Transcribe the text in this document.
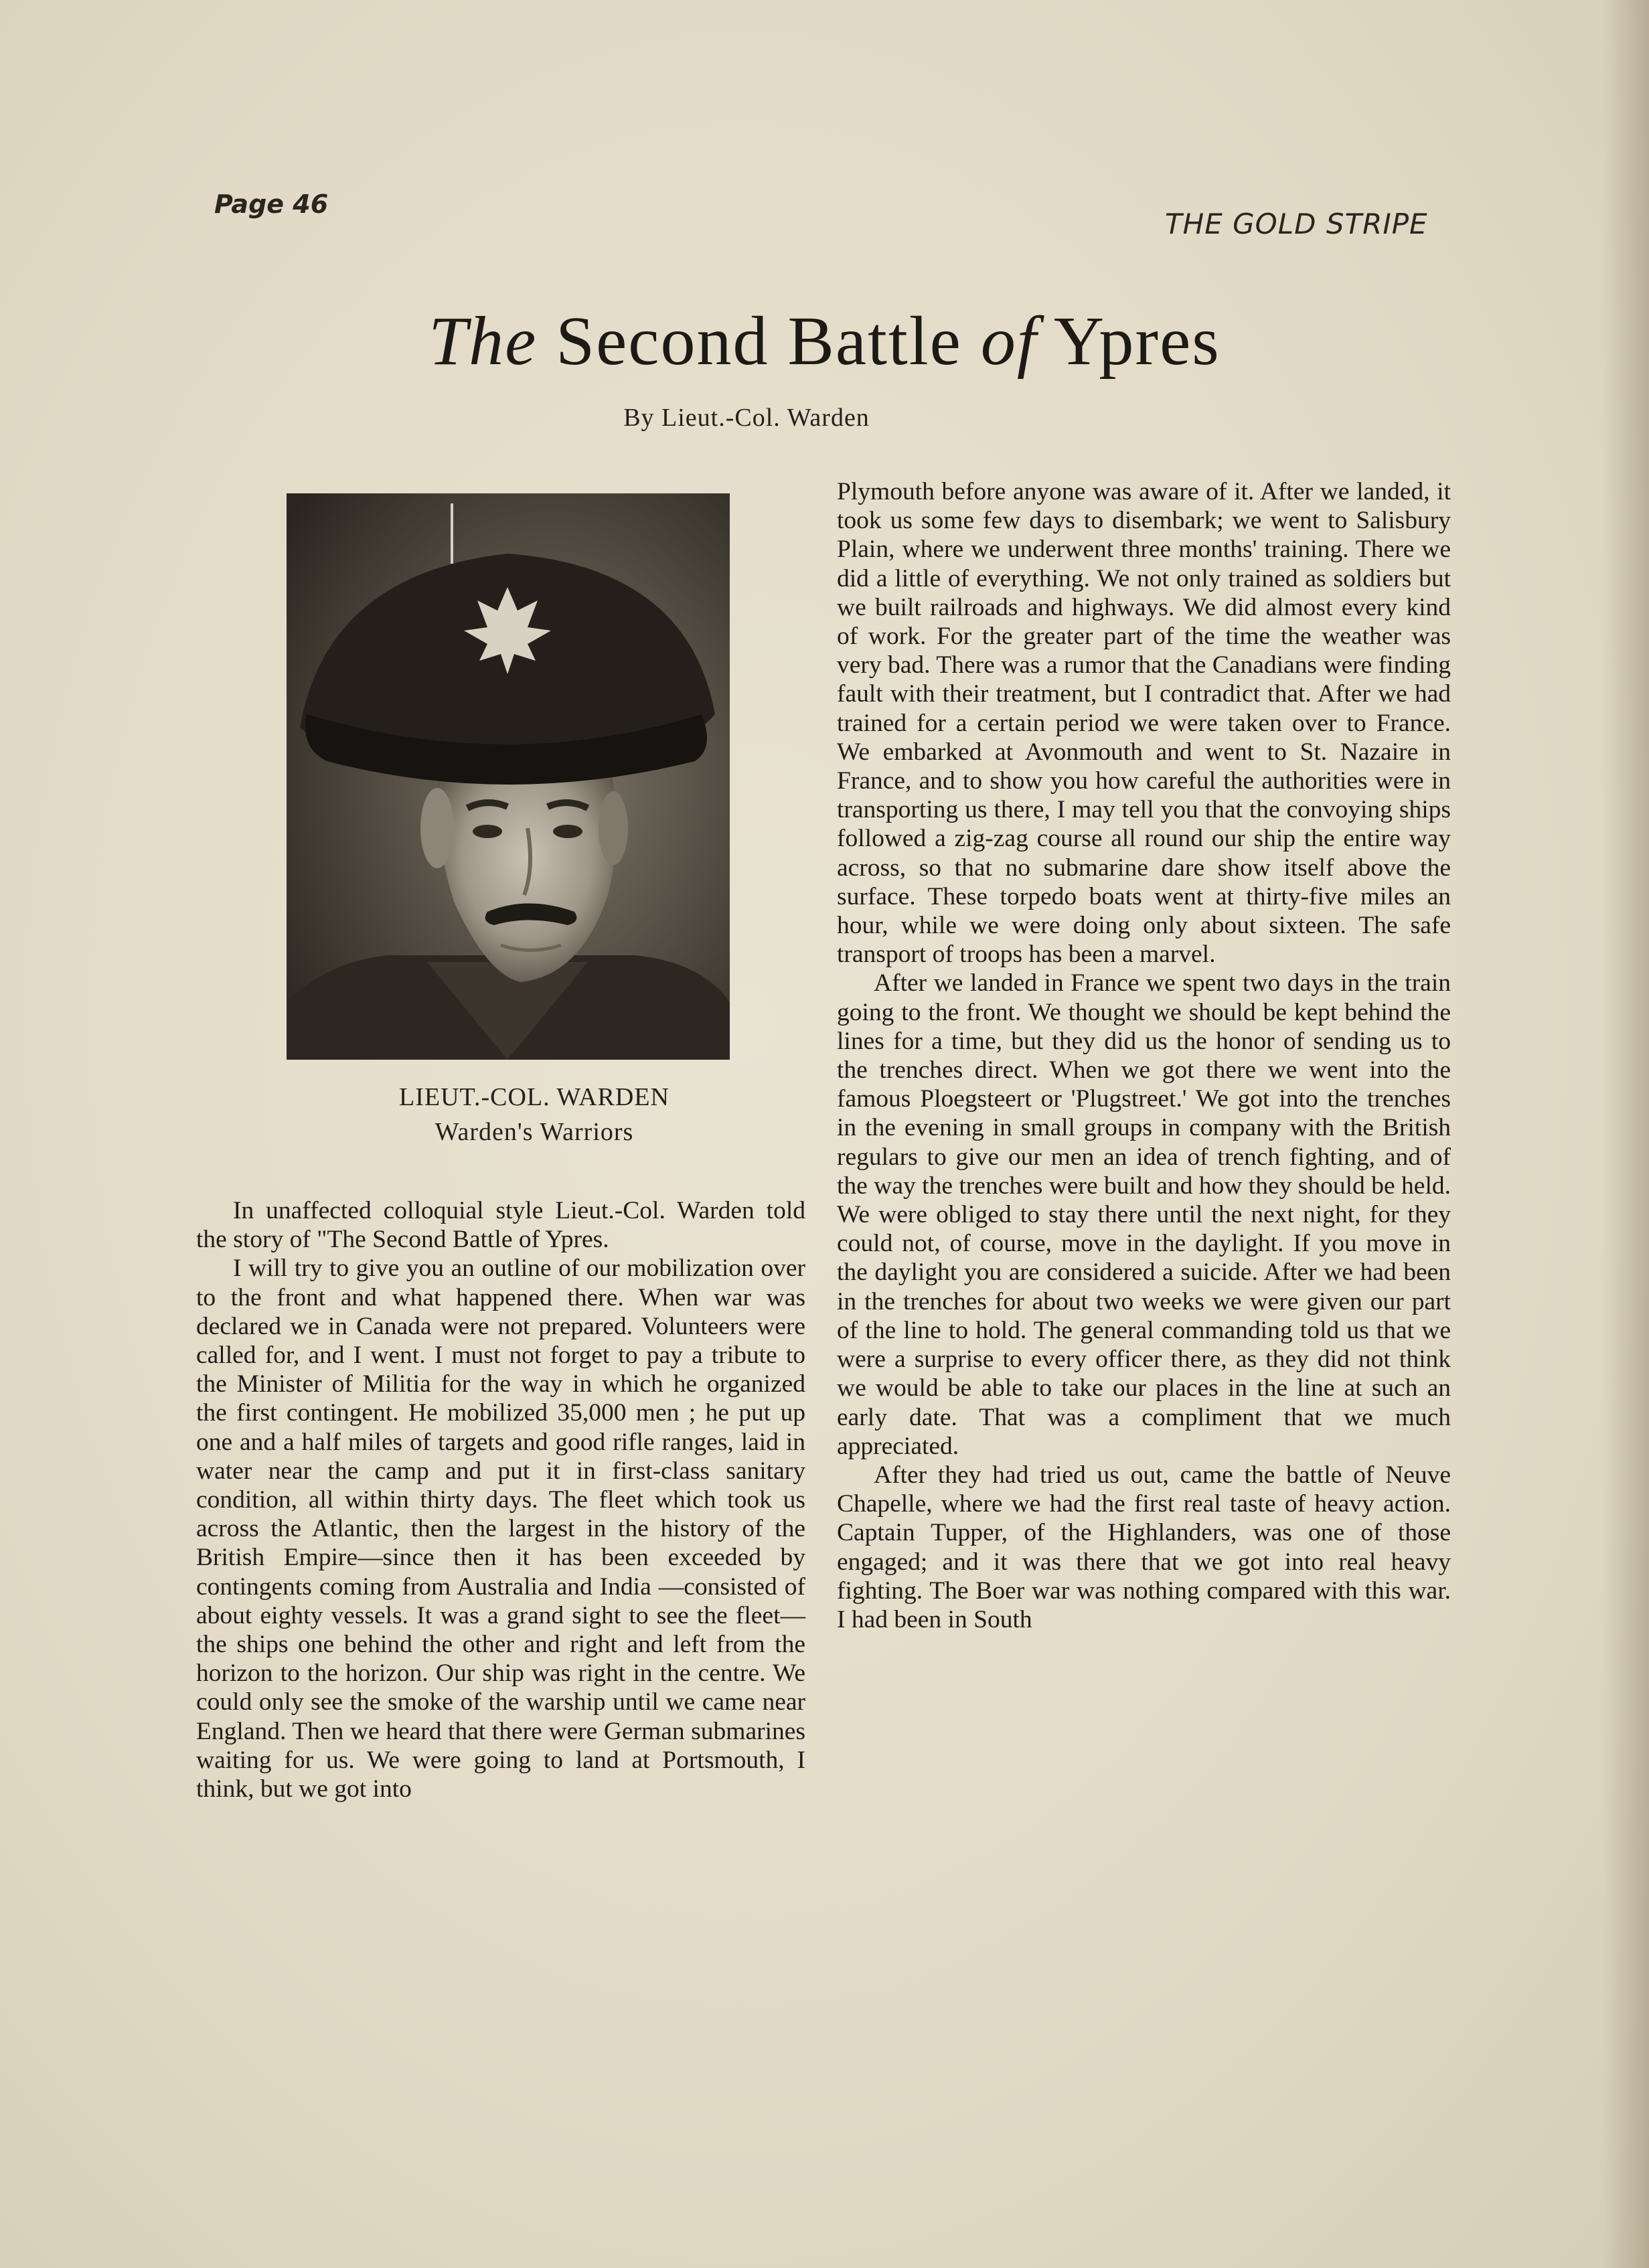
Page 46
THE GOLD STRIPE
The Second Battle of Ypres
By Lieut.-Col. Warden
LIEUT.-COL. WARDEN
Warden's Warriors

In unaffected colloquial style Lieut.-Col. Warden told the story of "The Second Battle of Ypres.

I will try to give you an outline of our mobilization over to the front and what happened there. When war was declared we in Canada were not prepared. Volunteers were called for, and I went. I must not forget to pay a tribute to the Minister of Militia for the way in which he organized the first contingent. He mobilized 35,000 men ; he put up one and a half miles of targets and good rifle ranges, laid in water near the camp and put it in first-class sanitary condition, all within thirty days. The fleet which took us across the Atlantic, then the largest in the history of the British Empire—since then it has been exceeded by contingents coming from Australia and India —consisted of about eighty vessels. It was a grand sight to see the fleet—the ships one behind the other and right and left from the horizon to the horizon. Our ship was right in the centre. We could only see the smoke of the warship until we came near England. Then we heard that there were German submarines waiting for us. We were going to land at Portsmouth, I think, but we got into

Plymouth before anyone was aware of it. After we landed, it took us some few days to disembark; we went to Salisbury Plain, where we underwent three months' training. There we did a little of everything. We not only trained as soldiers but we built railroads and highways. We did almost every kind of work. For the greater part of the time the weather was very bad. There was a rumor that the Canadians were finding fault with their treatment, but I contradict that. After we had trained for a certain period we were taken over to France. We embarked at Avonmouth and went to St. Nazaire in France, and to show you how careful the authorities were in transporting us there, I may tell you that the convoying ships followed a zig-zag course all round our ship the entire way across, so that no submarine dare show itself above the surface. These torpedo boats went at thirty-five miles an hour, while we were doing only about sixteen. The safe transport of troops has been a marvel.

After we landed in France we spent two days in the train going to the front. We thought we should be kept behind the lines for a time, but they did us the honor of sending us to the trenches direct. When we got there we went into the famous Ploegsteert or 'Plugstreet.' We got into the trenches in the evening in small groups in company with the British regulars to give our men an idea of trench fighting, and of the way the trenches were built and how they should be held. We were obliged to stay there until the next night, for they could not, of course, move in the daylight. If you move in the daylight you are considered a suicide. After we had been in the trenches for about two weeks we were given our part of the line to hold. The general commanding told us that we were a surprise to every officer there, as they did not think we would be able to take our places in the line at such an early date. That was a compliment that we much appreciated.

After they had tried us out, came the battle of Neuve Chapelle, where we had the first real taste of heavy action. Captain Tupper, of the Highlanders, was one of those engaged; and it was there that we got into real heavy fighting. The Boer war was nothing compared with this war. I had been in South
